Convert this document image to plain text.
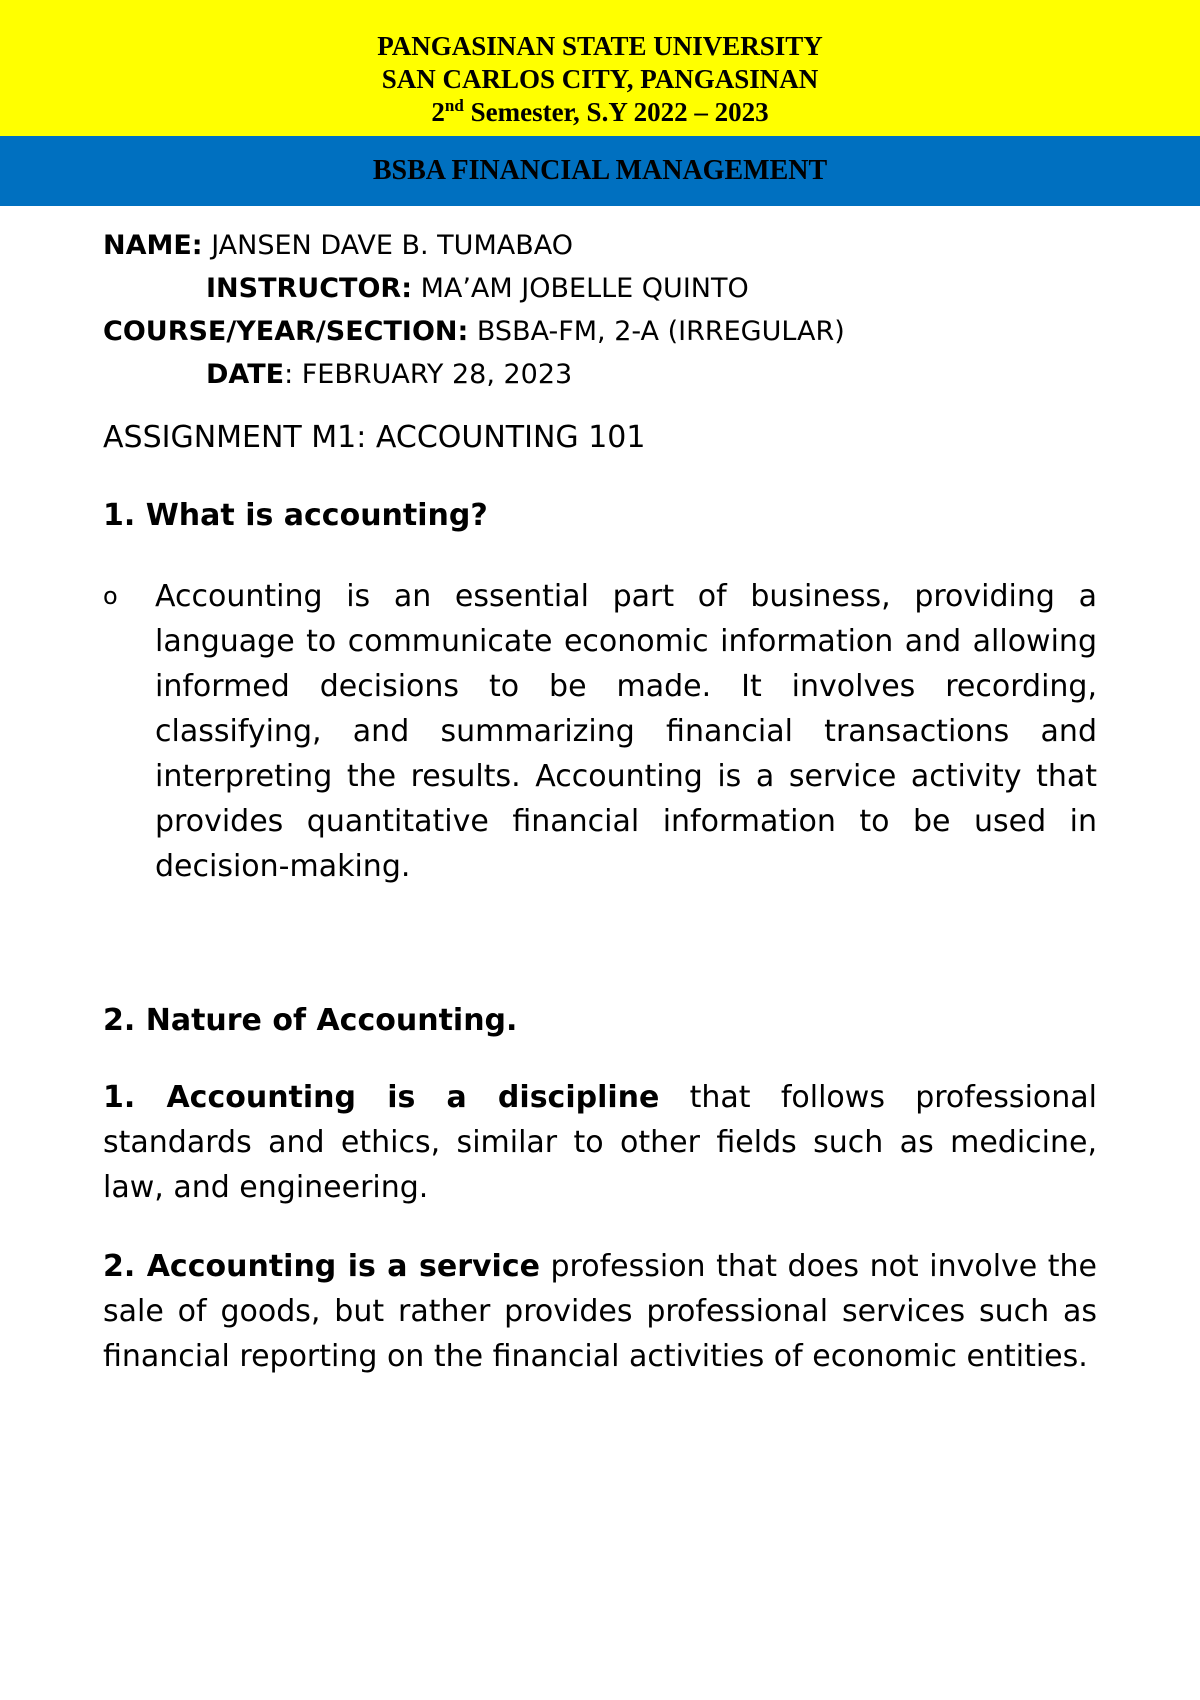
PANGASINAN STATE UNIVERSITY
SAN CARLOS CITY, PANGASINAN
2nd Semester, S.Y 2022 – 2023
BSBA FINANCIAL MANAGEMENT
NAME: JANSEN DAVE B. TUMABAO
INSTRUCTOR: MA’AM JOBELLE QUINTO
COURSE/YEAR/SECTION: BSBA-FM, 2-A (IRREGULAR)
DATE: FEBRUARY 28, 2023
ASSIGNMENT M1: ACCOUNTING 101
1. What is accounting?
o Accounting is an essential part of business, providing a language to communicate economic information and allowing informed decisions to be made. It involves recording, classifying, and summarizing financial transactions and interpreting the results. Accounting is a service activity that provides quantitative financial information to be used in decision-making.

2. Nature of Accounting.

1. Accounting is a discipline that follows professional standards and ethics, similar to other fields such as medicine, law, and engineering.

2. Accounting is a service profession that does not involve the sale of goods, but rather provides professional services such as financial reporting on the financial activities of economic entities.
